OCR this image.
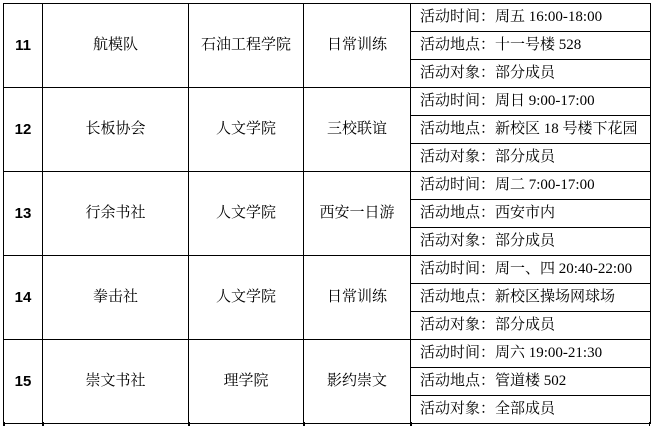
11	航模队	石油工程学院	日常训练	活动时间：周五 16:00-18:00
				活动地点：十一号楼 528
				活动对象：部分成员
12	长板协会	人文学院	三校联谊	活动时间：周日 9:00-17:00
				活动地点：新校区 18 号楼下花园
				活动对象：部分成员
13	行余书社	人文学院	西安一日游	活动时间：周二 7:00-17:00
				活动地点：西安市内
				活动对象：部分成员
14	拳击社	人文学院	日常训练	活动时间：周一、四 20:40-22:00
				活动地点：新校区操场网球场
				活动对象：部分成员
15	崇文书社	理学院	影约崇文	活动时间：周六 19:00-21:30
				活动地点：管道楼 502
				活动对象：全部成员
